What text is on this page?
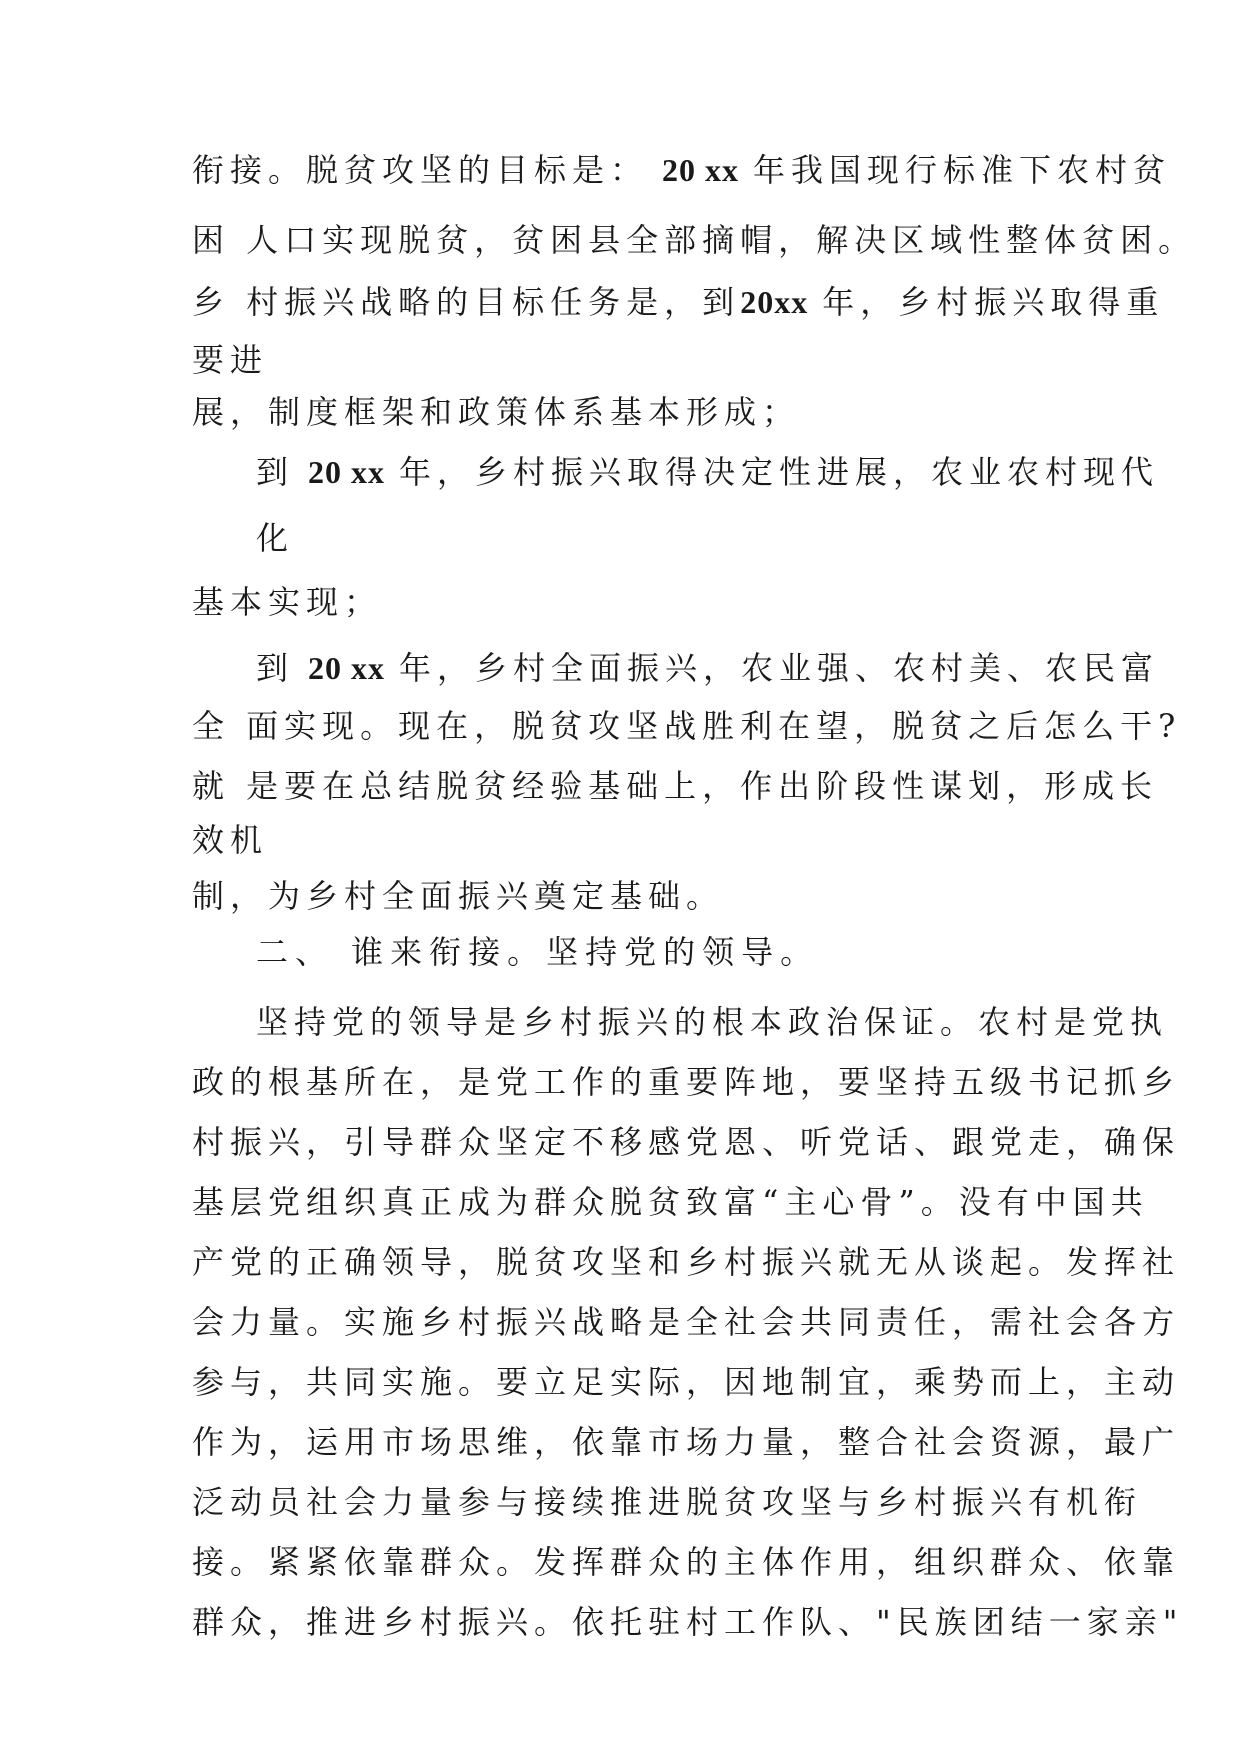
衔接。脱贫攻坚的目标是： 20 xx 年我国现行标准下农村贫

困 人口实现脱贫，贫困县全部摘帽，解决区域性整体贫困。

乡 村振兴战略的目标任务是，到20xx 年，乡村振兴取得重

要进

展，制度框架和政策体系基本形成；

到 20 xx 年，乡村振兴取得决定性进展，农业农村现代

化

基本实现；

到 20 xx 年，乡村全面振兴，农业强、农村美、农民富

全 面实现。现在，脱贫攻坚战胜利在望，脱贫之后怎么干?

就 是要在总结脱贫经验基础上，作出阶段性谋划，形成长

效机

制，为乡村全面振兴奠定基础。

二、 谁来衔接。坚持党的领导。

坚持党的领导是乡村振兴的根本政治保证。农村是党执

政的根基所在，是党工作的重要阵地，要坚持五级书记抓乡

村振兴，引导群众坚定不移感党恩、听党话、跟党走，确保

基层党组织真正成为群众脱贫致富“主心骨”。没有中国共

产党的正确领导，脱贫攻坚和乡村振兴就无从谈起。发挥社

会力量。实施乡村振兴战略是全社会共同责任，需社会各方

参与，共同实施。要立足实际，因地制宜，乘势而上，主动

作为，运用市场思维，依靠市场力量，整合社会资源，最广

泛动员社会力量参与接续推进脱贫攻坚与乡村振兴有机衔

接。紧紧依靠群众。发挥群众的主体作用，组织群众、依靠

群众，推进乡村振兴。依托驻村工作队、"民族团结一家亲"
